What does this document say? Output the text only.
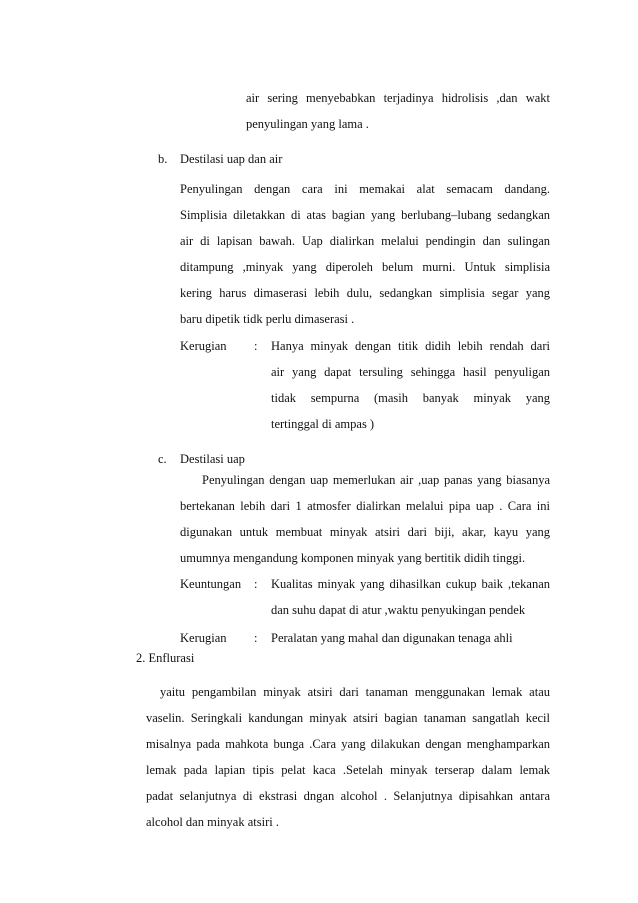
air sering menyebabkan terjadinya hidrolisis ,dan wakt
penyulingan yang lama .
b. Destilasi uap dan air
Penyulingan dengan cara ini memakai alat semacam dandang.
Simplisia diletakkan di atas bagian yang berlubang–lubang sedangkan
air di lapisan bawah. Uap dialirkan melalui pendingin dan sulingan
ditampung ,minyak yang diperoleh belum murni. Untuk simplisia
kering harus dimaserasi lebih dulu, sedangkan simplisia segar yang
baru dipetik tidk perlu dimaserasi .
Kerugian : Hanya minyak dengan titik didih lebih rendah dari
air yang dapat tersuling sehingga hasil penyuligan
tidak sempurna (masih banyak minyak yang
tertinggal di ampas )
c. Destilasi uap
Penyulingan dengan uap memerlukan air ,uap panas yang biasanya
bertekanan lebih dari 1 atmosfer dialirkan melalui pipa uap . Cara ini
digunakan untuk membuat minyak atsiri dari biji, akar, kayu yang
umumnya mengandung komponen minyak yang bertitik didih tinggi.
Keuntungan : Kualitas minyak yang dihasilkan cukup baik ,tekanan
dan suhu dapat di atur ,waktu penyukingan pendek
Kerugian : Peralatan yang mahal dan digunakan tenaga ahli
2. Enflurasi
yaitu pengambilan minyak atsiri dari tanaman menggunakan lemak atau
vaselin. Seringkali kandungan minyak atsiri bagian tanaman sangatlah kecil
misalnya pada mahkota bunga .Cara yang dilakukan dengan menghamparkan
lemak pada lapian tipis pelat kaca .Setelah minyak terserap dalam lemak
padat selanjutnya di ekstrasi dngan alcohol . Selanjutnya dipisahkan antara
alcohol dan minyak atsiri .
